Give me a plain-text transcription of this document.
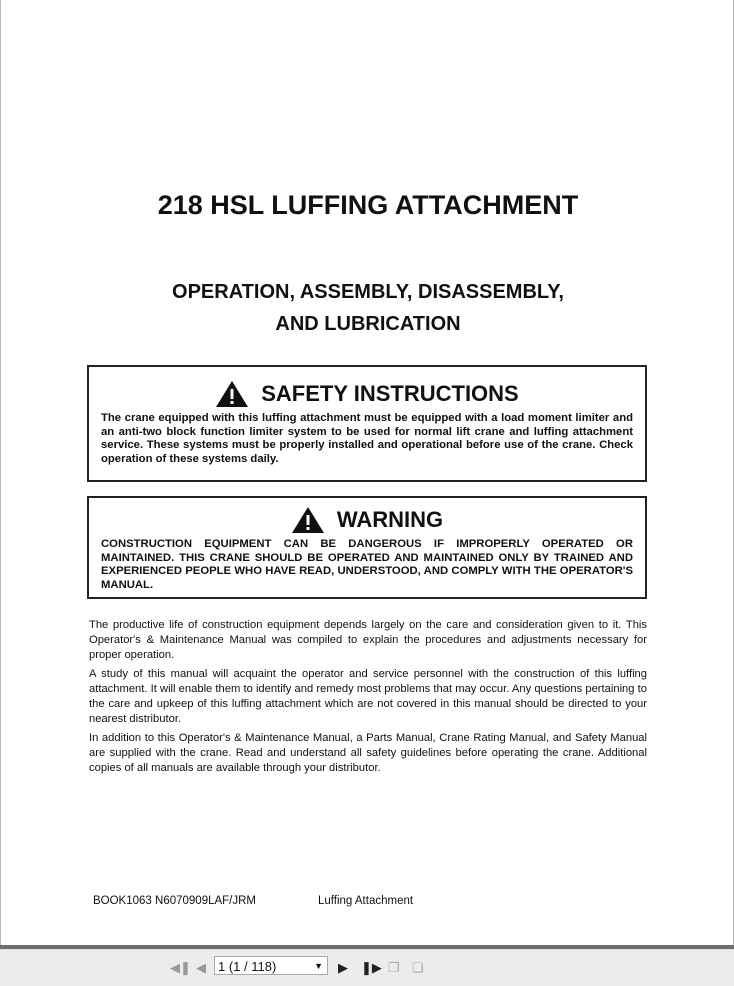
218 HSL LUFFING ATTACHMENT
OPERATION, ASSEMBLY, DISASSEMBLY,
AND LUBRICATION
SAFETY INSTRUCTIONS
The crane equipped with this luffing attachment must be equipped with a load moment limiter and an anti-two block function limiter system to be used for normal lift crane and luffing attachment service. These systems must be properly installed and operational before use of the crane. Check operation of these systems daily.
WARNING
CONSTRUCTION EQUIPMENT CAN BE DANGEROUS IF IMPROPERLY OPERATED OR MAINTAINED. THIS CRANE SHOULD BE OPERATED AND MAINTAINED ONLY BY TRAINED AND EXPERIENCED PEOPLE WHO HAVE READ, UNDERSTOOD, AND COMPLY WITH THE OPERATOR'S MANUAL.

The productive life of construction equipment depends largely on the care and consideration given to it. This Operator's & Maintenance Manual was compiled to explain the procedures and adjustments necessary for proper operation.

A study of this manual will acquaint the operator and service personnel with the construction of this luffing attachment. It will enable them to identify and remedy most problems that may occur. Any questions pertaining to the care and upkeep of this luffing attachment which are not covered in this manual should be directed to your nearest distributor.

In addition to this Operator's & Maintenance Manual, a Parts Manual, Crane Rating Manual, and Safety Manual are supplied with the crane. Read and understand all safety guidelines before operating the crane. Additional copies of all manuals are available through your distributor.

BOOK1063 N6070909LAF/JRM	Luffing Attachment
◀❚ ◀ 1 (1 / 118)	▼ ▶ ❚▶ ❐ ❏
